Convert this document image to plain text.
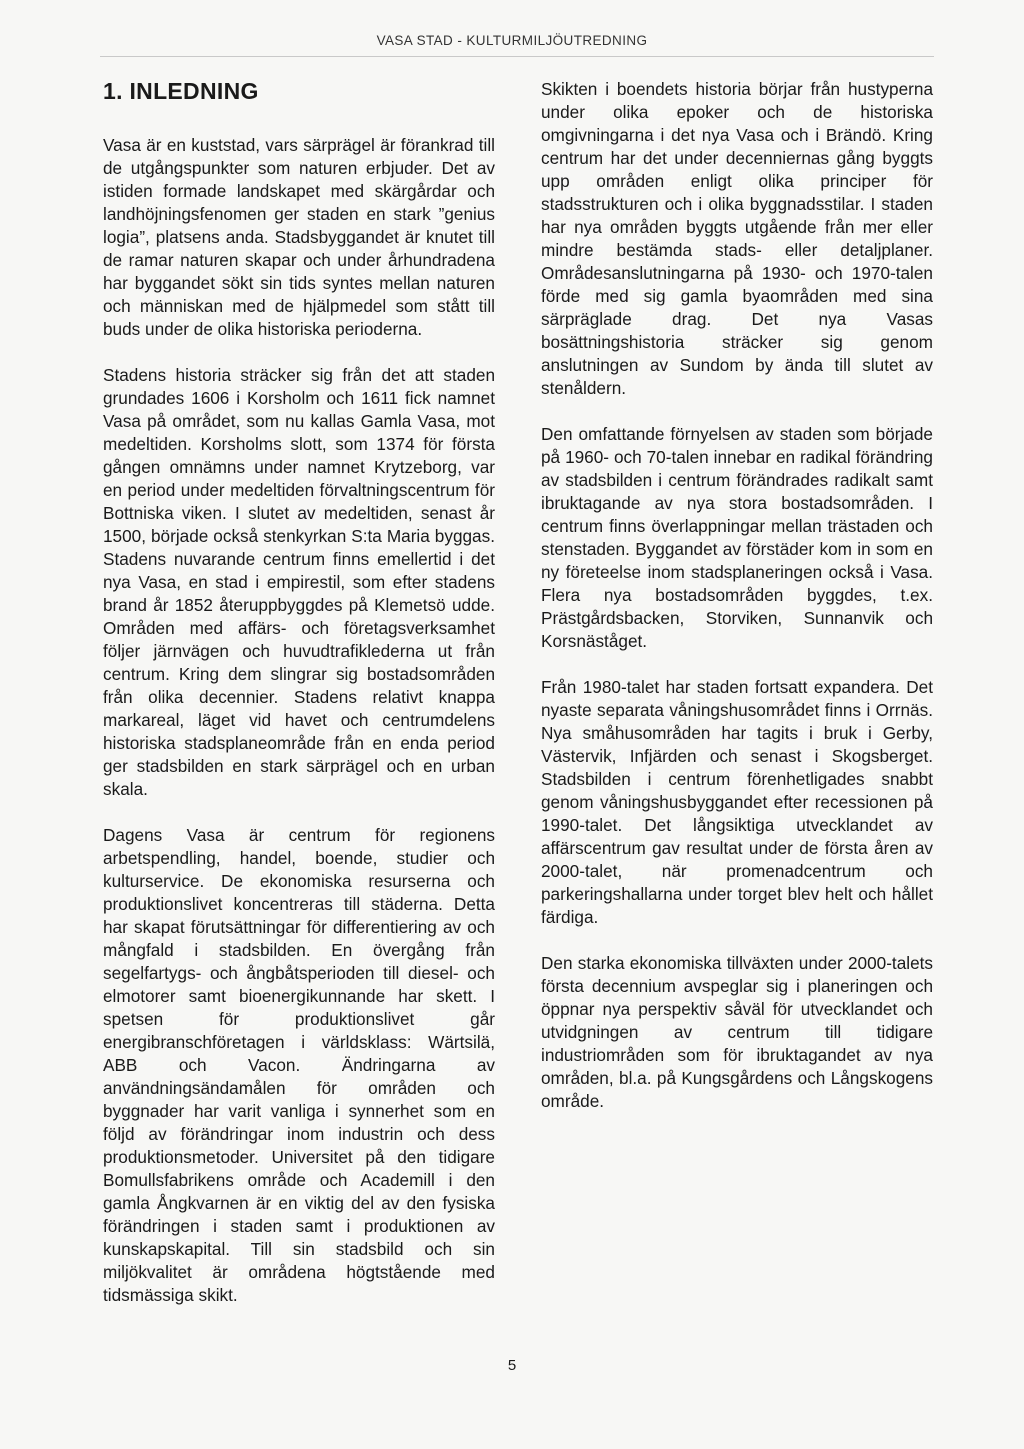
VASA STAD - KULTURMILJÖUTREDNING
1. INLEDNING

Vasa är en kuststad, vars särprägel är förankrad till de utgångspunkter som naturen erbjuder. Det av istiden formade landskapet med skärgårdar och landhöjningsfenomen ger staden en stark ”genius logia”, platsens anda. Stadsbyggandet är knutet till de ramar naturen skapar och under århundradena har byggandet sökt sin tids syntes mellan naturen och människan med de hjälpmedel som stått till buds under de olika historiska perioderna.

Stadens historia sträcker sig från det att staden grundades 1606 i Korsholm och 1611 fick namnet Vasa på området, som nu kallas Gamla Vasa, mot medeltiden. Korsholms slott, som 1374 för första gången omnämns under namnet Krytzeborg, var en period under medeltiden förvaltningscentrum för Bottniska viken. I slutet av medeltiden, senast år 1500, började också stenkyrkan S:ta Maria byggas. Stadens nuvarande centrum finns emellertid i det nya Vasa, en stad i empirestil, som efter stadens brand år 1852 återuppbyggdes på Klemetsö udde. Områden med affärs- och företagsverksamhet följer järnvägen och huvudtrafiklederna ut från centrum. Kring dem slingrar sig bostadsområden från olika decennier. Stadens relativt knappa markareal, läget vid havet och centrumdelens historiska stadsplaneområde från en enda period ger stadsbilden en stark särprägel och en urban skala.

Dagens Vasa är centrum för regionens arbetspendling, handel, boende, studier och kulturservice. De ekonomiska resurserna och produktionslivet koncentreras till städerna. Detta har skapat förutsättningar för differentiering av och mångfald i stadsbilden. En övergång från segelfartygs- och ångbåtsperioden till diesel- och elmotorer samt bioenergikunnande har skett. I spetsen för produktionslivet går energibranschföretagen i världsklass: Wärtsilä, ABB och Vacon. Ändringarna av användningsändamålen för områden och byggnader har varit vanliga i synnerhet som en följd av förändringar inom industrin och dess produktionsmetoder. Universitet på den tidigare Bomullsfabrikens område och Academill i den gamla Ångkvarnen är en viktig del av den fysiska förändringen i staden samt i produktionen av kunskapskapital. Till sin stadsbild och sin miljökvalitet är områdena högtstående med tidsmässiga skikt.

Skikten i boendets historia börjar från hustyperna under olika epoker och de historiska omgivningarna i det nya Vasa och i Brändö. Kring centrum har det under decenniernas gång byggts upp områden enligt olika principer för stadsstrukturen och i olika byggnadsstilar. I staden har nya områden byggts utgående från mer eller mindre bestämda stads- eller detaljplaner. Områdesanslutningarna på 1930- och 1970-talen förde med sig gamla byaområden med sina särpräglade drag. Det nya Vasas bosättningshistoria sträcker sig genom anslutningen av Sundom by ända till slutet av stenåldern.

Den omfattande förnyelsen av staden som började på 1960- och 70-talen innebar en radikal förändring av stadsbilden i centrum förändrades radikalt samt ibruktagande av nya stora bostadsområden. I centrum finns överlappningar mellan trästaden och stenstaden. Byggandet av förstäder kom in som en ny företeelse inom stadsplaneringen också i Vasa. Flera nya bostadsområden byggdes, t.ex. Prästgårdsbacken, Storviken, Sunnanvik och Korsnäståget.

Från 1980-talet har staden fortsatt expandera. Det nyaste separata våningshusområdet finns i Orrnäs. Nya småhusområden har tagits i bruk i Gerby, Västervik, Infjärden och senast i Skogsberget. Stadsbilden i centrum förenhetligades snabbt genom våningshusbyggandet efter recessionen på 1990-talet. Det långsiktiga utvecklandet av affärscentrum gav resultat under de första åren av 2000-talet, när promenadcentrum och parkeringshallarna under torget blev helt och hållet färdiga.

Den starka ekonomiska tillväxten under 2000-talets första decennium avspeglar sig i planeringen och öppnar nya perspektiv såväl för utvecklandet och utvidgningen av centrum till tidigare industriområden som för ibruktagandet av nya områden, bl.a. på Kungsgårdens och Långskogens område.

5
